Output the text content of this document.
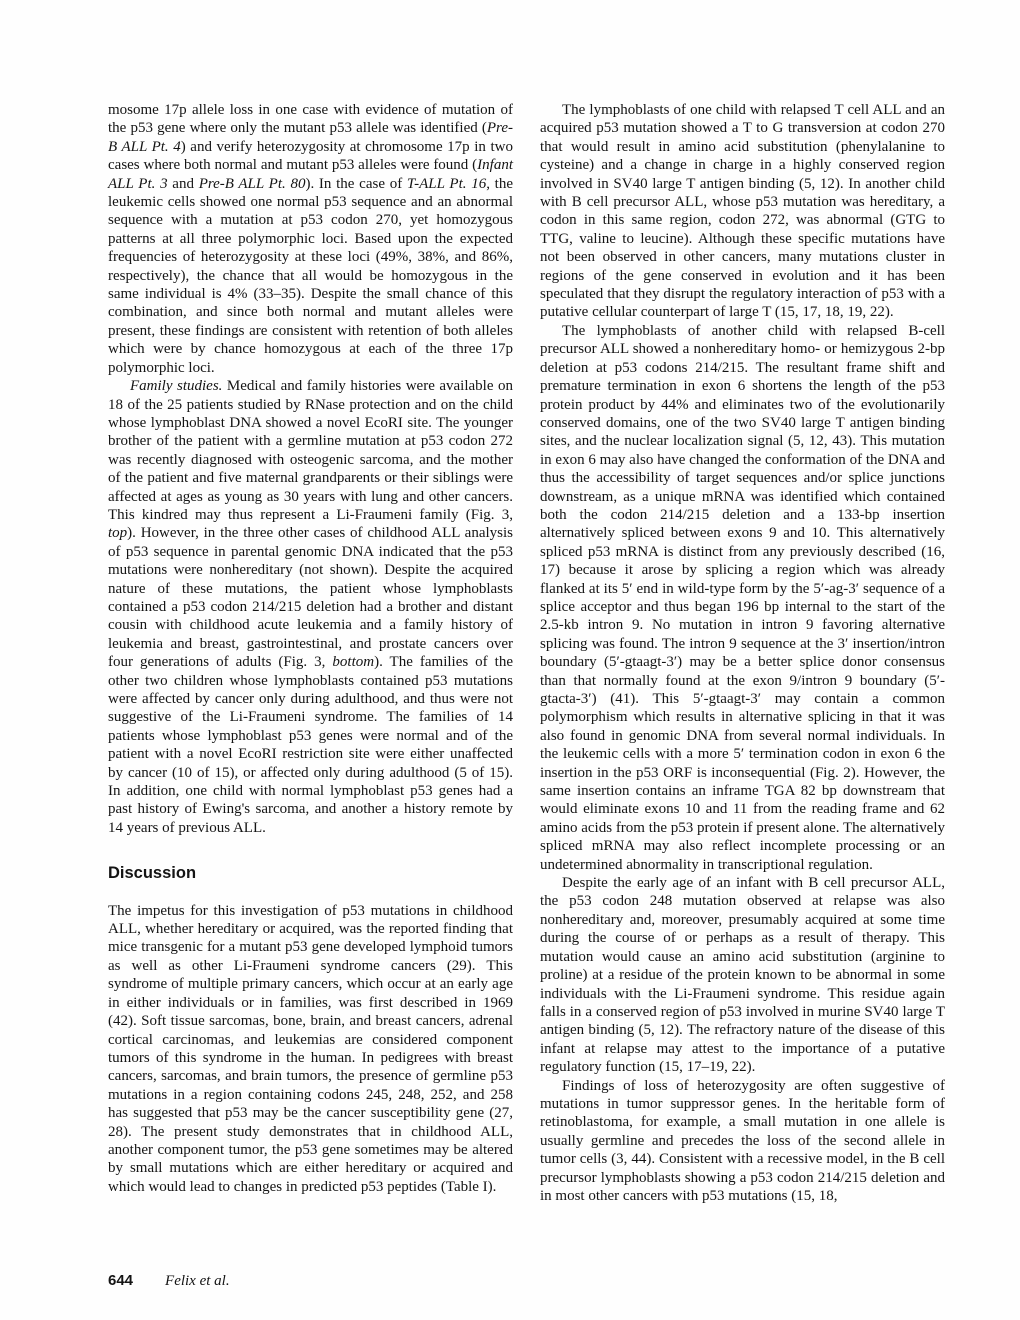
mosome 17p allele loss in one case with evidence of mutation of the p53 gene where only the mutant p53 allele was identified (Pre-B ALL Pt. 4) and verify heterozygosity at chromosome 17p in two cases where both normal and mutant p53 alleles were found (Infant ALL Pt. 3 and Pre-B ALL Pt. 80). In the case of T-ALL Pt. 16, the leukemic cells showed one normal p53 sequence and an abnormal sequence with a mutation at p53 codon 270, yet homozygous patterns at all three polymorphic loci. Based upon the expected frequencies of heterozygosity at these loci (49%, 38%, and 86%, respectively), the chance that all would be homozygous in the same individual is 4% (33–35). Despite the small chance of this combination, and since both normal and mutant alleles were present, these findings are consistent with retention of both alleles which were by chance homozygous at each of the three 17p polymorphic loci.

Family studies. Medical and family histories were available on 18 of the 25 patients studied by RNase protection and on the child whose lymphoblast DNA showed a novel EcoRI site. The younger brother of the patient with a germline mutation at p53 codon 272 was recently diagnosed with osteogenic sarcoma, and the mother of the patient and five maternal grandparents or their siblings were affected at ages as young as 30 years with lung and other cancers. This kindred may thus represent a Li-Fraumeni family (Fig. 3, top). However, in the three other cases of childhood ALL analysis of p53 sequence in parental genomic DNA indicated that the p53 mutations were nonhereditary (not shown). Despite the acquired nature of these mutations, the patient whose lymphoblasts contained a p53 codon 214/215 deletion had a brother and distant cousin with childhood acute leukemia and a family history of leukemia and breast, gastrointestinal, and prostate cancers over four generations of adults (Fig. 3, bottom). The families of the other two children whose lymphoblasts contained p53 mutations were affected by cancer only during adulthood, and thus were not suggestive of the Li-Fraumeni syndrome. The families of 14 patients whose lymphoblast p53 genes were normal and of the patient with a novel EcoRI restriction site were either unaffected by cancer (10 of 15), or affected only during adulthood (5 of 15). In addition, one child with normal lymphoblast p53 genes had a past history of Ewing's sarcoma, and another a history remote by 14 years of previous ALL.

Discussion

The impetus for this investigation of p53 mutations in childhood ALL, whether hereditary or acquired, was the reported finding that mice transgenic for a mutant p53 gene developed lymphoid tumors as well as other Li-Fraumeni syndrome cancers (29). This syndrome of multiple primary cancers, which occur at an early age in either individuals or in families, was first described in 1969 (42). Soft tissue sarcomas, bone, brain, and breast cancers, adrenal cortical carcinomas, and leukemias are considered component tumors of this syndrome in the human. In pedigrees with breast cancers, sarcomas, and brain tumors, the presence of germline p53 mutations in a region containing codons 245, 248, 252, and 258 has suggested that p53 may be the cancer susceptibility gene (27, 28). The present study demonstrates that in childhood ALL, another component tumor, the p53 gene sometimes may be altered by small mutations which are either hereditary or acquired and which would lead to changes in predicted p53 peptides (Table I).

The lymphoblasts of one child with relapsed T cell ALL and an acquired p53 mutation showed a T to G transversion at codon 270 that would result in amino acid substitution (phenylalanine to cysteine) and a change in charge in a highly conserved region involved in SV40 large T antigen binding (5, 12). In another child with B cell precursor ALL, whose p53 mutation was hereditary, a codon in this same region, codon 272, was abnormal (GTG to TTG, valine to leucine). Although these specific mutations have not been observed in other cancers, many mutations cluster in regions of the gene conserved in evolution and it has been speculated that they disrupt the regulatory interaction of p53 with a putative cellular counterpart of large T (15, 17, 18, 19, 22).

The lymphoblasts of another child with relapsed B-cell precursor ALL showed a nonhereditary homo- or hemizygous 2-bp deletion at p53 codons 214/215. The resultant frame shift and premature termination in exon 6 shortens the length of the p53 protein product by 44% and eliminates two of the evolutionarily conserved domains, one of the two SV40 large T antigen binding sites, and the nuclear localization signal (5, 12, 43). This mutation in exon 6 may also have changed the conformation of the DNA and thus the accessibility of target sequences and/or splice junctions downstream, as a unique mRNA was identified which contained both the codon 214/215 deletion and a 133-bp insertion alternatively spliced between exons 9 and 10. This alternatively spliced p53 mRNA is distinct from any previously described (16, 17) because it arose by splicing a region which was already flanked at its 5′ end in wild-type form by the 5′-ag-3′ sequence of a splice acceptor and thus began 196 bp internal to the start of the 2.5-kb intron 9. No mutation in intron 9 favoring alternative splicing was found. The intron 9 sequence at the 3′ insertion/intron boundary (5′-gtaagt-3′) may be a better splice donor consensus than that normally found at the exon 9/intron 9 boundary (5′-gtacta-3′) (41). This 5′-gtaagt-3′ may contain a common polymorphism which results in alternative splicing in that it was also found in genomic DNA from several normal individuals. In the leukemic cells with a more 5′ termination codon in exon 6 the insertion in the p53 ORF is inconsequential (Fig. 2). However, the same insertion contains an inframe TGA 82 bp downstream that would eliminate exons 10 and 11 from the reading frame and 62 amino acids from the p53 protein if present alone. The alternatively spliced mRNA may also reflect incomplete processing or an undetermined abnormality in transcriptional regulation.

Despite the early age of an infant with B cell precursor ALL, the p53 codon 248 mutation observed at relapse was also nonhereditary and, moreover, presumably acquired at some time during the course of or perhaps as a result of therapy. This mutation would cause an amino acid substitution (arginine to proline) at a residue of the protein known to be abnormal in some individuals with the Li-Fraumeni syndrome. This residue again falls in a conserved region of p53 involved in murine SV40 large T antigen binding (5, 12). The refractory nature of the disease of this infant at relapse may attest to the importance of a putative regulatory function (15, 17–19, 22).

Findings of loss of heterozygosity are often suggestive of mutations in tumor suppressor genes. In the heritable form of retinoblastoma, for example, a small mutation in one allele is usually germline and precedes the loss of the second allele in tumor cells (3, 44). Consistent with a recessive model, in the B cell precursor lymphoblasts showing a p53 codon 214/215 deletion and in most other cancers with p53 mutations (15, 18,

644 Felix et al.
